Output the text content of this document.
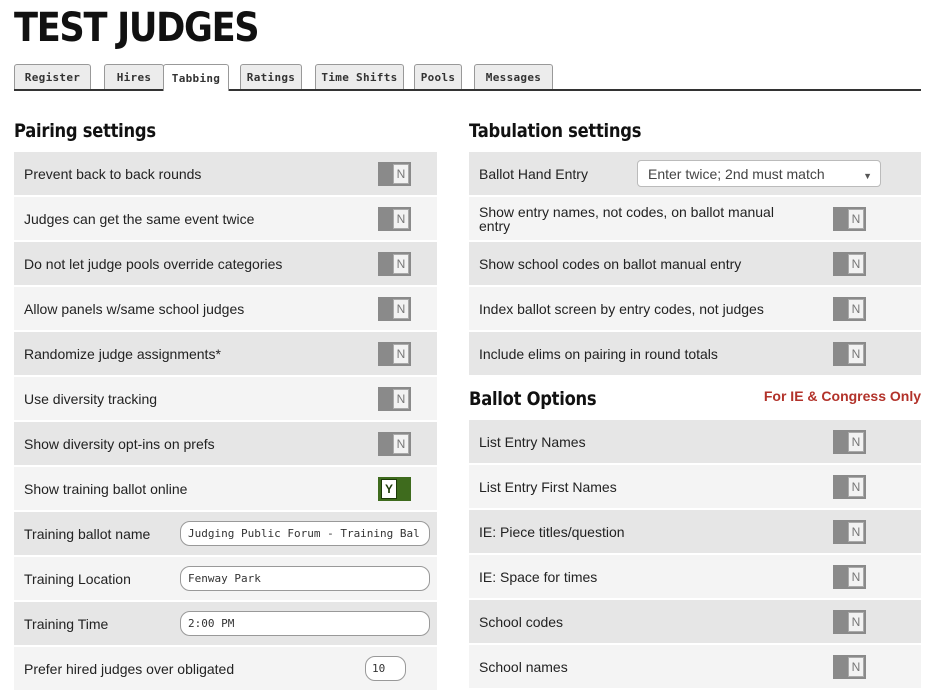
TEST JUDGES
Register	Hires	Tabbing	Ratings	Time Shifts	Pools	Messages
Pairing settings
Prevent back to back rounds	N
Judges can get the same event twice	N
Do not let judge pools override categories	N
Allow panels w/same school judges	N
Randomize judge assignments*	N
Use diversity tracking	N
Show diversity opt-ins on prefs	N
Show training ballot online	Y
Training ballot name	Judging Public Forum - Training Bal
Training Location	Fenway Park
Training Time	2:00 PM
Prefer hired judges over obligated	10
Tabulation settings
Ballot Hand Entry	Enter twice; 2nd must match	▼
Show entry names, not codes, on ballot manual entry	N
Show school codes on ballot manual entry	N
Index ballot screen by entry codes, not judges	N
Include elims on pairing in round totals	N
Ballot Options	For IE & Congress Only
List Entry Names	N
List Entry First Names	N
IE: Piece titles/question	N
IE: Space for times	N
School codes	N
School names	N
